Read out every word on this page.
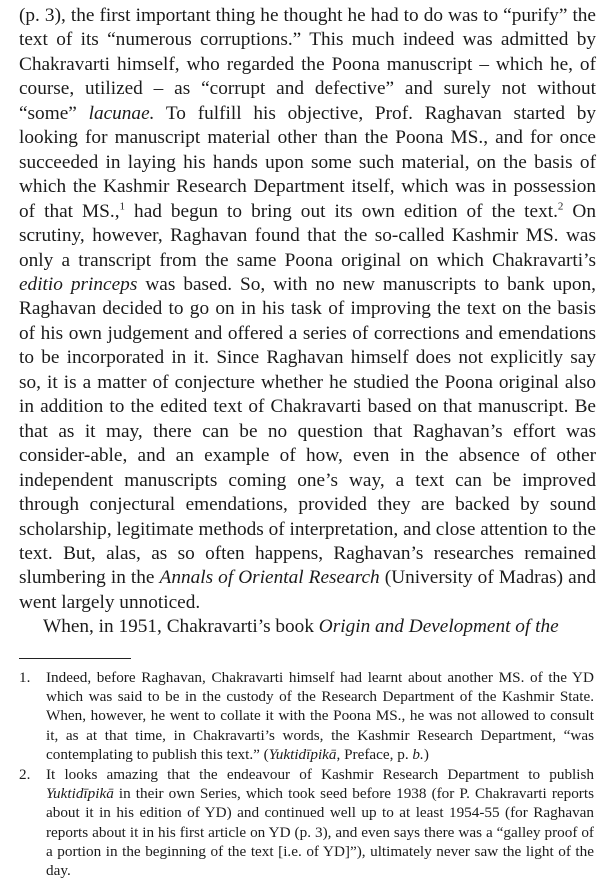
(p. 3), the first important thing he thought he had to do was to “purify” the text of its “numerous corruptions.” This much indeed was admitted by Chakravarti himself, who regarded the Poona manuscript – which he, of course, utilized – as “corrupt and defective” and surely not without “some” lacunae. To fulfill his objective, Prof. Raghavan started by looking for manuscript material other than the Poona MS., and for once succeeded in laying his hands upon some such material, on the basis of which the Kashmir Research Department itself, which was in possession of that MS.,$^1$ had begun to bring out its own edition of the text.$^2$ On scrutiny, however, Raghavan found that the so-called Kashmir MS. was only a transcript from the same Poona original on which Chakravarti’s editio princeps was based. So, with no new manuscripts to bank upon, Raghavan decided to go on in his task of improving the text on the basis of his own judgement and offered a series of corrections and emendations to be incorporated in it. Since Raghavan himself does not explicitly say so, it is a matter of conjecture whether he studied the Poona original also in addition to the edited text of Chakravarti based on that manuscript. Be that as it may, there can be no question that Raghavan’s effort was consider-able, and an example of how, even in the absence of other independent manuscripts coming one’s way, a text can be improved through conjectural emendations, provided they are backed by sound scholarship, legitimate methods of interpretation, and close attention to the text. But, alas, as so often happens, Raghavan’s researches remained slumbering in the Annals of Oriental Research (University of Madras) and went largely unnoticed.

When, in 1951, Chakravarti’s book Origin and Development of the

1.	Indeed, before Raghavan, Chakravarti himself had learnt about another MS. of the YD which was said to be in the custody of the Research Department of the Kashmir State. When, however, he went to collate it with the Poona MS., he was not allowed to consult it, as at that time, in Chakravarti’s words, the Kashmir Research Department, “was contemplating to publish this text.” (Yuktidīpikā, Preface, p. b.)
2.	It looks amazing that the endeavour of Kashmir Research Department to publish Yuktidīpikā in their own Series, which took seed before 1938 (for P. Chakravarti reports about it in his edition of YD) and continued well up to at least 1954-55 (for Raghavan reports about it in his first article on YD (p. 3), and even says there was a “galley proof of a portion in the beginning of the text [i.e. of YD]”), ultimately never saw the light of the day.
